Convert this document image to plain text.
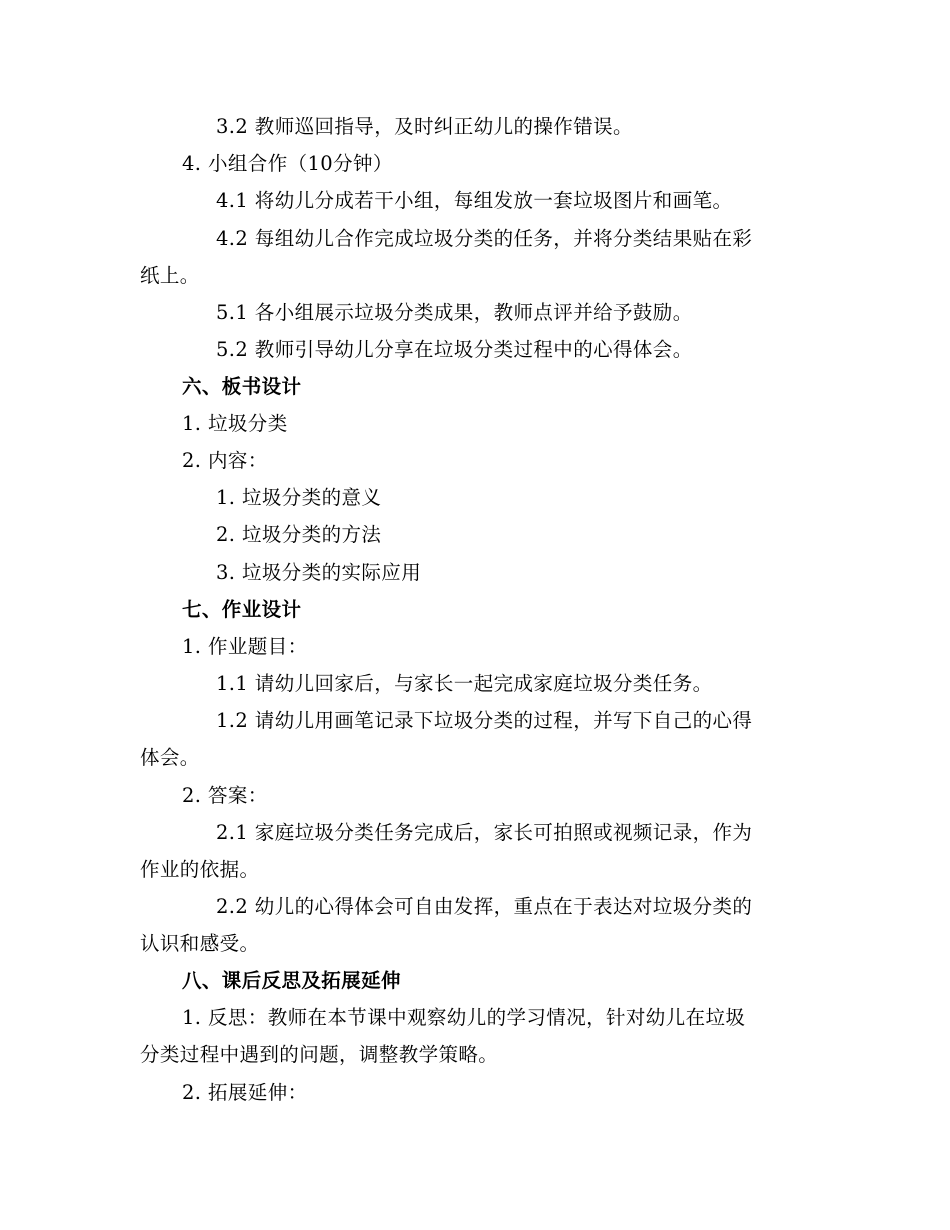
3.2 教师巡回指导，及时纠正幼儿的操作错误。
4. 小组合作（10分钟）
4.1 将幼儿分成若干小组，每组发放一套垃圾图片和画笔。
4.2 每组幼儿合作完成垃圾分类的任务，并将分类结果贴在彩
纸上。
5.1 各小组展示垃圾分类成果，教师点评并给予鼓励。
5.2 教师引导幼儿分享在垃圾分类过程中的心得体会。
六、板书设计
1. 垃圾分类
2. 内容：
1. 垃圾分类的意义
2. 垃圾分类的方法
3. 垃圾分类的实际应用
七、作业设计
1. 作业题目：
1.1 请幼儿回家后，与家长一起完成家庭垃圾分类任务。
1.2 请幼儿用画笔记录下垃圾分类的过程，并写下自己的心得
体会。
2. 答案：
2.1 家庭垃圾分类任务完成后，家长可拍照或视频记录，作为
作业的依据。
2.2 幼儿的心得体会可自由发挥，重点在于表达对垃圾分类的
认识和感受。
八、课后反思及拓展延伸
1. 反思：教师在本节课中观察幼儿的学习情况，针对幼儿在垃圾
分类过程中遇到的问题，调整教学策略。
2. 拓展延伸：
